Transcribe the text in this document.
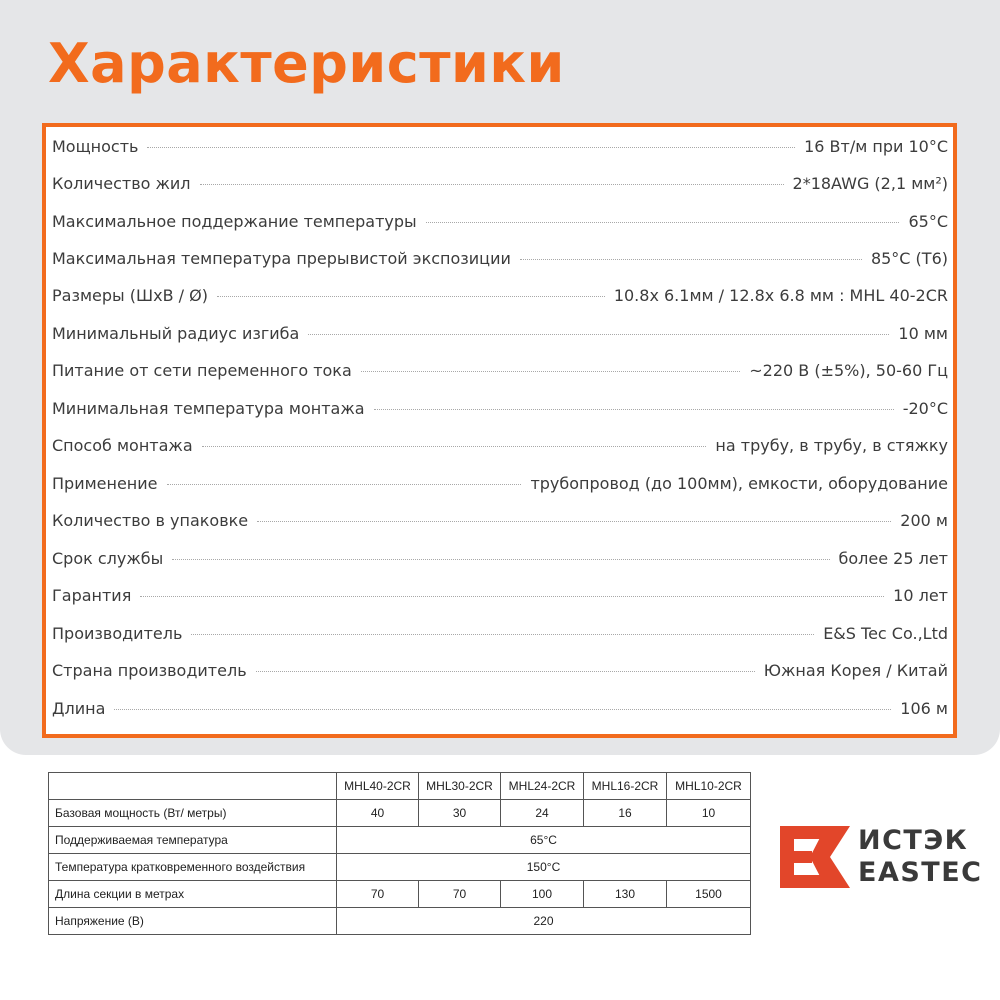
Характеристики
Мощность	16 Вт/м при 10°С
Количество жил	2*18AWG (2,1 мм²)
Максимальное поддержание температуры	65°С
Максимальная температура прерывистой экспозиции	85°С (Т6)
Размеры (ШхВ / Ø)	10.8х 6.1мм / 12.8х 6.8 мм : MHL 40-2CR
Минимальный радиус изгиба	10 мм
Питание от сети переменного тока	~220 В (±5%), 50-60 Гц
Минимальная температура монтажа	-20°С
Способ монтажа	на трубу, в трубу, в стяжку
Применение	трубопровод (до 100мм), емкости, оборудование
Количество в упаковке	200 м
Срок службы	более 25 лет
Гарантия	10 лет
Производитель	E&S Tec Co.,Ltd
Страна производитель	Южная Корея / Китай
Длина	106 м
	MHL40-2CR	MHL30-2CR	MHL24-2CR	MHL16-2CR	MHL10-2CR
Базовая мощность (Вт/ метры)	40	30	24	16	10
Поддерживаемая температура	65°С				
Температура кратковременного воздействия	150°С				
Длина секции в метрах	70	70	100	130	1500
Напряжение (В)	220				
ИСТЭК
EASTEC
